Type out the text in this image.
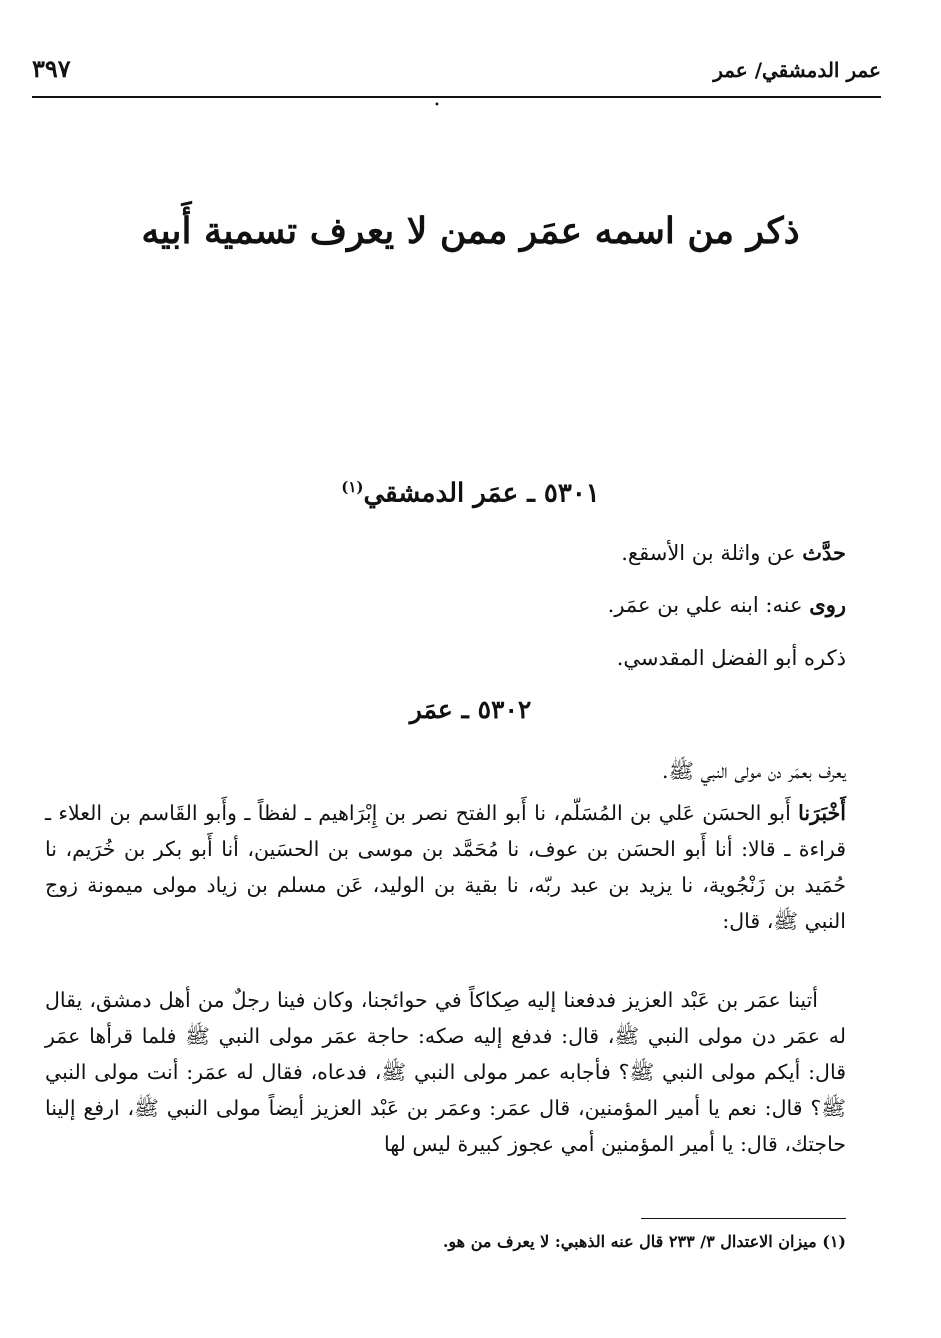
عمر الدمشقي/ عمر
٣٩٧
•
ذكر من اسمه عمَر ممن لا يعرف تسمية أَبيه
٥٣٠١ ـ عمَر الدمشقي$^{(١)}$
حدَّث عن واثلة بن الأسقع.
روى عنه: ابنه علي بن عمَر.
ذكره أبو الفضل المقدسي.
٥٣٠٢ ـ عمَر
يعرف بعمَر دن مولى النبي ﷺ.
أَخْبَرَنا أَبو الحسَن عَلي بن المُسَلّم، نا أَبو الفتح نصر بن إِبْرَاهيم ـ لفظاً ـ وأَبو القَاسم بن العلاء ـ قراءة ـ قالا: أنا أَبو الحسَن بن عوف، نا مُحَمَّد بن موسى بن الحسَين، أنا أَبو بكر بن خُرَيم، نا حُمَيد بن زَنْجُوية، نا يزيد بن عبد ربّه، نا بقية بن الوليد، عَن مسلم بن زياد مولى ميمونة زوج النبي ﷺ، قال:
أتينا عمَر بن عَبْد العزيز فدفعنا إليه صِكاكاً في حوائجنا، وكان فينا رجلٌ من أهل دمشق، يقال له عمَر دن مولى النبي ﷺ، قال: فدفع إليه صكه: حاجة عمَر مولى النبي ﷺ فلما قرأها عمَر قال: أيكم مولى النبي ﷺ؟ فأجابه عمر مولى النبي ﷺ، فدعاه، فقال له عمَر: أنت مولى النبي ﷺ؟ قال: نعم يا أمير المؤمنين، قال عمَر: وعمَر بن عَبْد العزيز أيضاً مولى النبي ﷺ، ارفع إلينا حاجتك، قال: يا أمير المؤمنين أمي عجوز كبيرة ليس لها
(١) ميزان الاعتدال ٣/ ٢٣٣ قال عنه الذهبي: لا يعرف من هو.
